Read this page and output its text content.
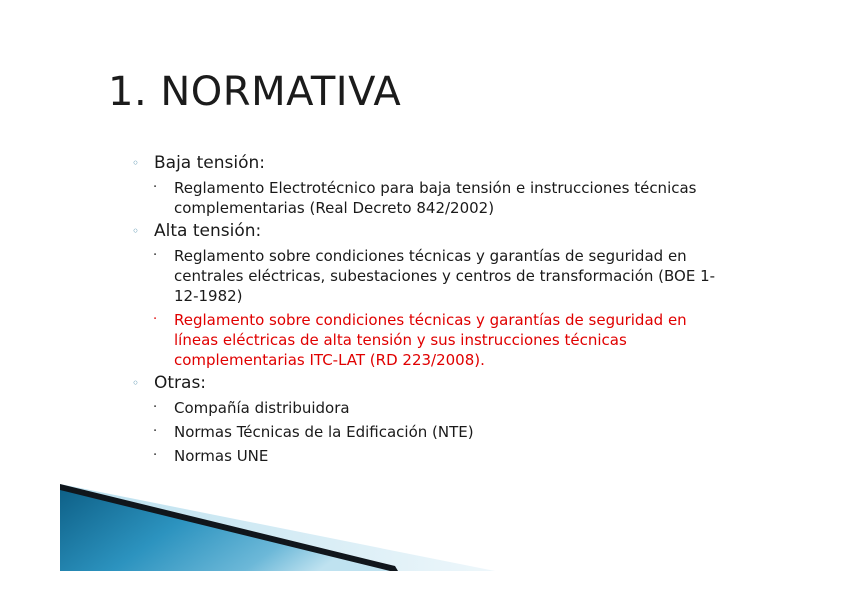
1. NORMATIVA
◦ Baja tensión:
· Reglamento Electrotécnico para baja tensión e instrucciones técnicas complementarias (Real Decreto 842/2002)
◦ Alta tensión:
· Reglamento sobre condiciones técnicas y garantías de seguridad en centrales eléctricas, subestaciones y centros de transformación (BOE 1-12-1982)
· Reglamento sobre condiciones técnicas y garantías de seguridad en líneas eléctricas de alta tensión y sus instrucciones técnicas complementarias ITC-LAT (RD 223/2008).
◦ Otras:
· Compañía distribuidora
· Normas Técnicas de la Edificación (NTE)
· Normas UNE
